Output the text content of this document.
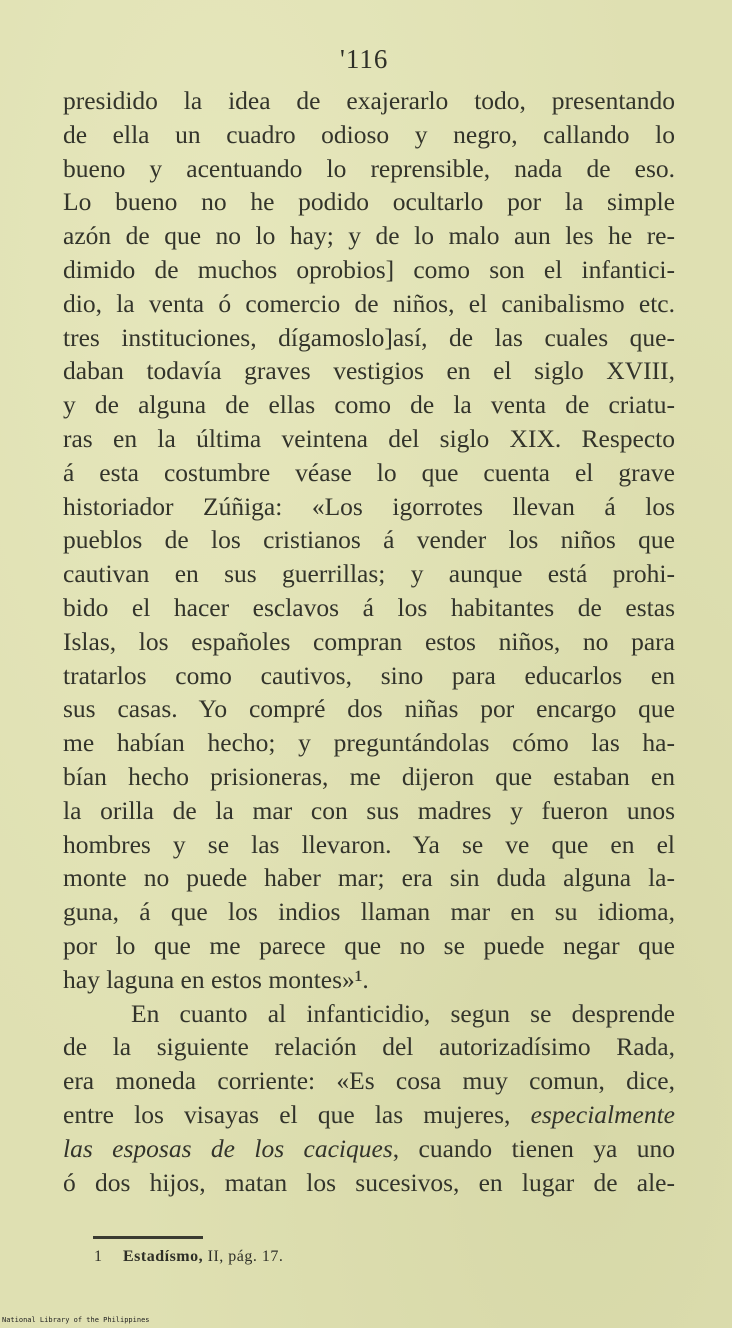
'116
presidido la idea de exajerarlo todo, presentando
de ella un cuadro odioso y negro, callando lo
bueno y acentuando lo reprensible, nada de eso.
Lo bueno no he podido ocultarlo por la simple
azón de que no lo hay; y de lo malo aun les he re-
dimido de muchos oprobios] como son el infantici-
dio, la venta ó comercio de niños, el canibalismo etc.
tres instituciones, dígamoslo]así, de las cuales que-
daban todavía graves vestigios en el siglo XVIII,
y de alguna de ellas como de la venta de criatu-
ras en la última veintena del siglo XIX. Respecto
á esta costumbre véase lo que cuenta el grave
historiador Zúñiga: «Los igorrotes llevan á los
pueblos de los cristianos á vender los niños que
cautivan en sus guerrillas; y aunque está prohi-
bido el hacer esclavos á los habitantes de estas
Islas, los españoles compran estos niños, no para
tratarlos como cautivos, sino para educarlos en
sus casas. Yo compré dos niñas por encargo que
me habían hecho; y preguntándolas cómo las ha-
bían hecho prisioneras, me dijeron que estaban en
la orilla de la mar con sus madres y fueron unos
hombres y se las llevaron. Ya se ve que en el
monte no puede haber mar; era sin duda alguna la-
guna, á que los indios llaman mar en su idioma,
por lo que me parece que no se puede negar que
hay laguna en estos montes»¹.
En cuanto al infanticidio, segun se desprende
de la siguiente relación del autorizadísimo Rada,
era moneda corriente: «Es cosa muy comun, dice,
entre los visayas el que las mujeres, especialmente
las esposas de los caciques, cuando tienen ya uno
ó dos hijos, matan los sucesivos, en lugar de ale-
1 Estadísmo, II, pág. 17.
National Library of the Philippines
